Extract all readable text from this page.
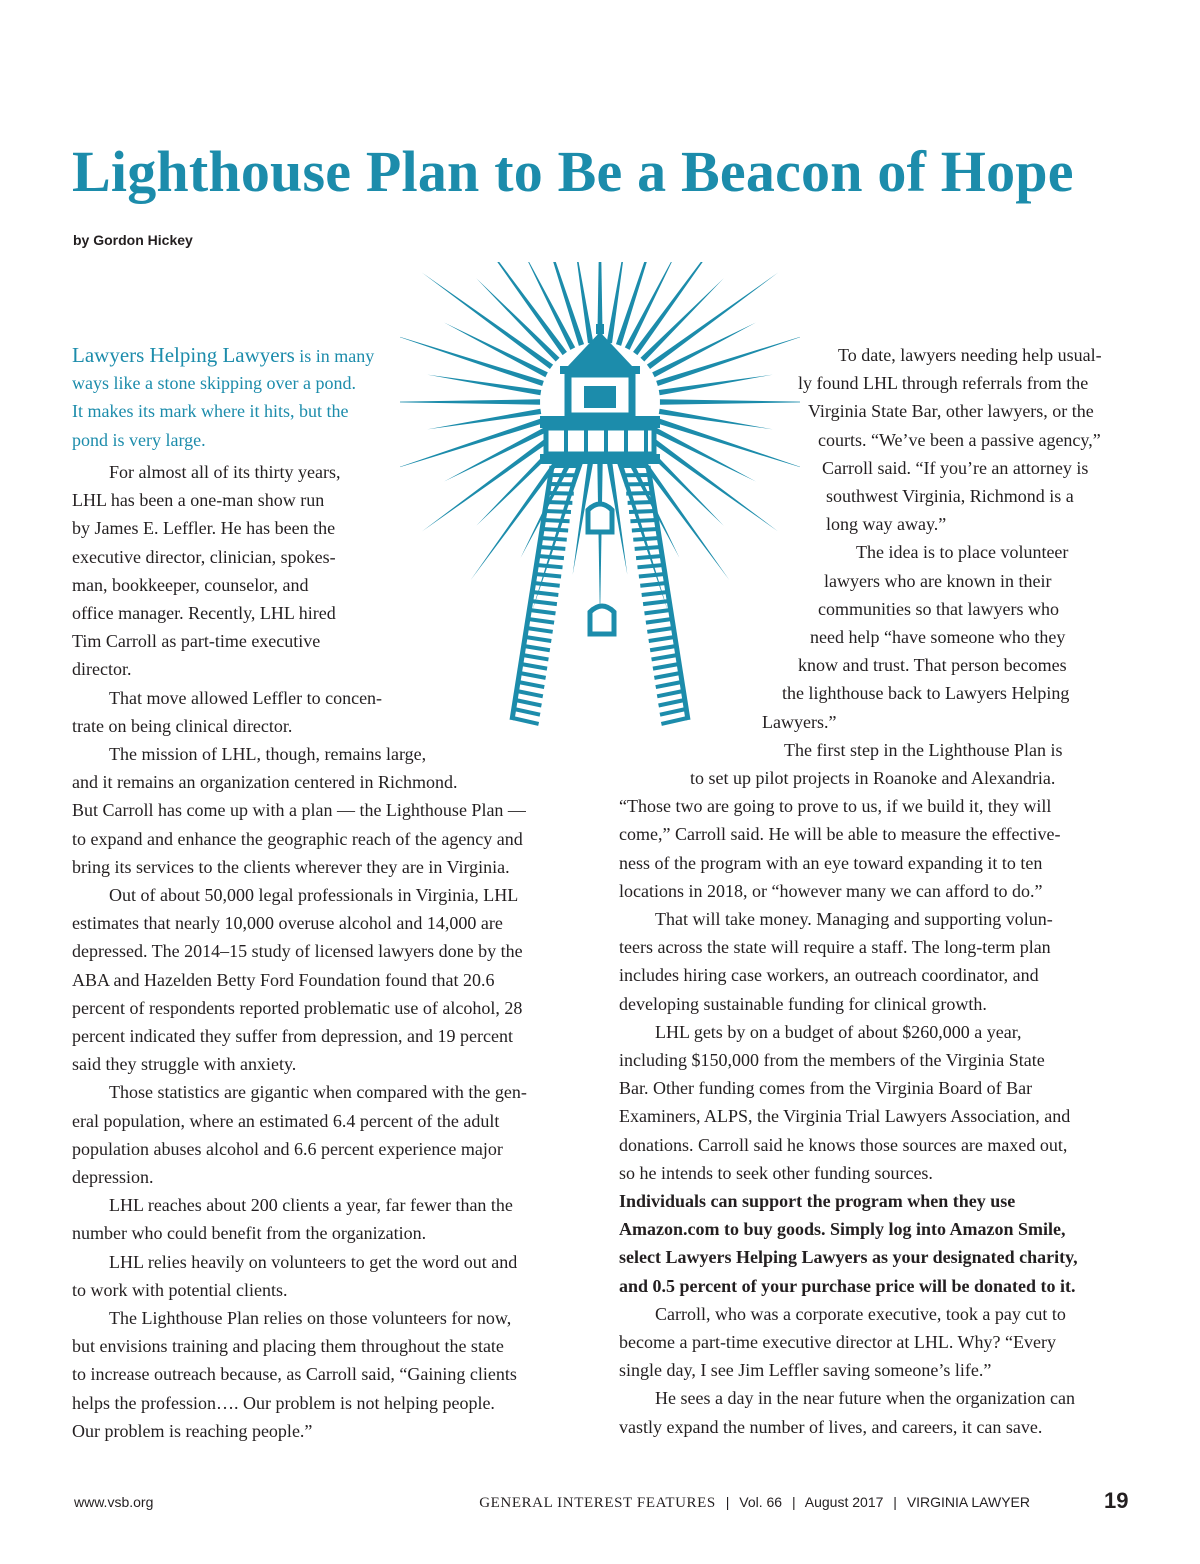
Lighthouse Plan to Be a Beacon of Hope
by Gordon Hickey
Lawyers Helping Lawyers is in many
ways like a stone skipping over a pond.
It makes its mark where it hits, but the
pond is very large.
For almost all of its thirty years,
LHL has been a one-man show run
by James E. Leffler. He has been the
executive director, clinician, spokes-
man, bookkeeper, counselor, and
office manager. Recently, LHL hired
Tim Carroll as part-time executive
director.
That move allowed Leffler to concen-
trate on being clinical director.
The mission of LHL, though, remains large,
and it remains an organization centered in Richmond.
But Carroll has come up with a plan — the Lighthouse Plan —
to expand and enhance the geographic reach of the agency and
bring its services to the clients wherever they are in Virginia.
Out of about 50,000 legal professionals in Virginia, LHL
estimates that nearly 10,000 overuse alcohol and 14,000 are
depressed. The 2014–15 study of licensed lawyers done by the
ABA and Hazelden Betty Ford Foundation found that 20.6
percent of respondents reported problematic use of alcohol, 28
percent indicated they suffer from depression, and 19 percent
said they struggle with anxiety.
Those statistics are gigantic when compared with the gen-
eral population, where an estimated 6.4 percent of the adult
population abuses alcohol and 6.6 percent experience major
depression.
LHL reaches about 200 clients a year, far fewer than the
number who could benefit from the organization.
LHL relies heavily on volunteers to get the word out and
to work with potential clients.
The Lighthouse Plan relies on those volunteers for now,
but envisions training and placing them throughout the state
to increase outreach because, as Carroll said, “Gaining clients
helps the profession…. Our problem is not helping people.
Our problem is reaching people.”
To date, lawyers needing help usual-
ly found LHL through referrals from the
Virginia State Bar, other lawyers, or the
courts. “We’ve been a passive agency,”
Carroll said. “If you’re an attorney is
southwest Virginia, Richmond is a
long way away.”
The idea is to place volunteer
lawyers who are known in their
communities so that lawyers who
need help “have someone who they
know and trust. That person becomes
the lighthouse back to Lawyers Helping
Lawyers.”
The first step in the Lighthouse Plan is
to set up pilot projects in Roanoke and Alexandria.
“Those two are going to prove to us, if we build it, they will
come,” Carroll said. He will be able to measure the effective-
ness of the program with an eye toward expanding it to ten
locations in 2018, or “however many we can afford to do.”
That will take money. Managing and supporting volun-
teers across the state will require a staff. The long-term plan
includes hiring case workers, an outreach coordinator, and
developing sustainable funding for clinical growth.
LHL gets by on a budget of about $260,000 a year,
including $150,000 from the members of the Virginia State
Bar. Other funding comes from the Virginia Board of Bar
Examiners, ALPS, the Virginia Trial Lawyers Association, and
donations. Carroll said he knows those sources are maxed out,
so he intends to seek other funding sources.
Individuals can support the program when they use
Amazon.com to buy goods. Simply log into Amazon Smile,
select Lawyers Helping Lawyers as your designated charity,
and 0.5 percent of your purchase price will be donated to it.
Carroll, who was a corporate executive, took a pay cut to
become a part-time executive director at LHL. Why? “Every
single day, I see Jim Leffler saving someone’s life.”
He sees a day in the near future when the organization can
vastly expand the number of lives, and careers, it can save.
www.vsb.org	GENERAL INTEREST FEATURES | Vol. 66 | August 2017 | VIRGINIA LAWYER	19
